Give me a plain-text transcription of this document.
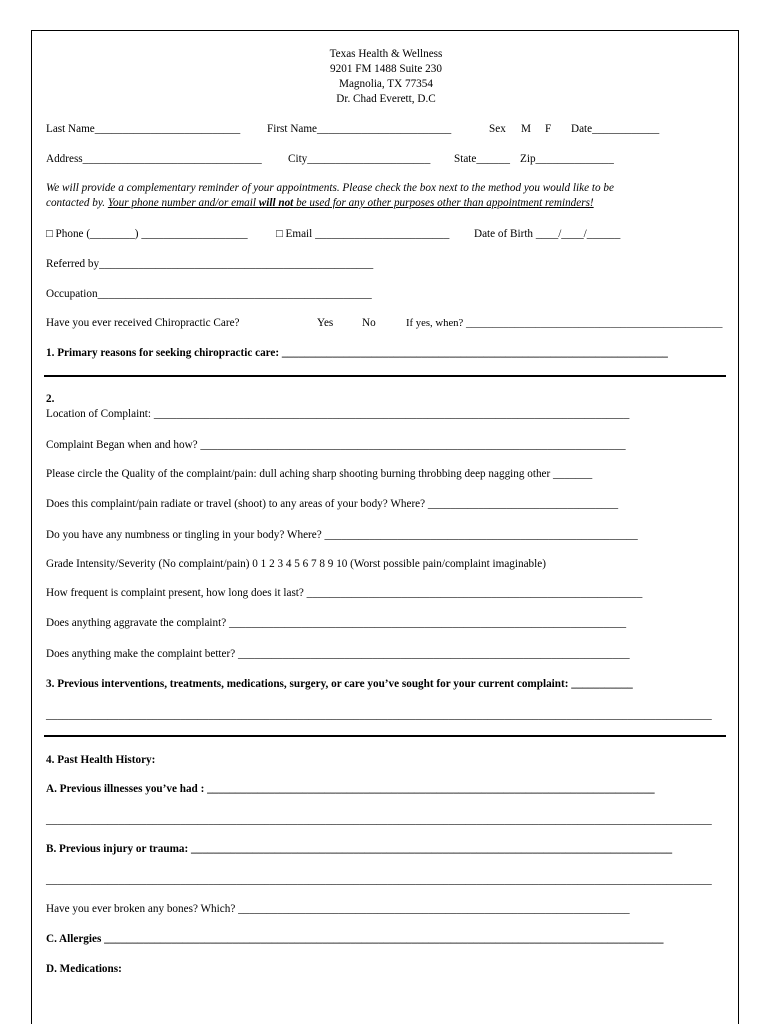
Texas Health & Wellness
9201 FM 1488 Suite 230
Magnolia, TX 77354
Dr. Chad Everett, D.C
Last Name__________________________ First Name________________________	Sex M F Date____________
Address________________________________ City______________________ State______ Zip______________
We will provide a complementary reminder of your appointments. Please check the box next to the method you would like to be
contacted by. Your phone number and/or email will not be used for any other purposes other than appointment reminders!
□ Phone (________) ___________________	□ Email ________________________ Date of Birth ____/____/______
Referred by_________________________________________________
Occupation_________________________________________________
Have you ever received Chiropractic Care?	Yes	No	If yes, when? ________________________________________________
1. Primary reasons for seeking chiropractic care: _____________________________________________________________________
2.
Location of Complaint: _____________________________________________________________________________________
Complaint Began when and how? ____________________________________________________________________________
Please circle the Quality of the complaint/pain: dull aching sharp shooting burning throbbing deep nagging other _______
Does this complaint/pain radiate or travel (shoot) to any areas of your body? Where? __________________________________
Do you have any numbness or tingling in your body? Where? ________________________________________________________
Grade Intensity/Severity (No complaint/pain) 0 1 2 3 4 5 6 7 8 9 10 (Worst possible pain/complaint imaginable)
How frequent is complaint present, how long does it last? ____________________________________________________________
Does anything aggravate the complaint? _______________________________________________________________________
Does anything make the complaint better? ______________________________________________________________________
3. Previous interventions, treatments, medications, surgery, or care you’ve sought for your current complaint: ___________
_______________________________________________________________________________________________________________________
4. Past Health History:
A. Previous illnesses you’ve had : ________________________________________________________________________________
_______________________________________________________________________________________________________________________
B. Previous injury or trauma: ______________________________________________________________________________________
_______________________________________________________________________________________________________________________
Have you ever broken any bones? Which? ______________________________________________________________________
C. Allergies ____________________________________________________________________________________________________
D. Medications:
